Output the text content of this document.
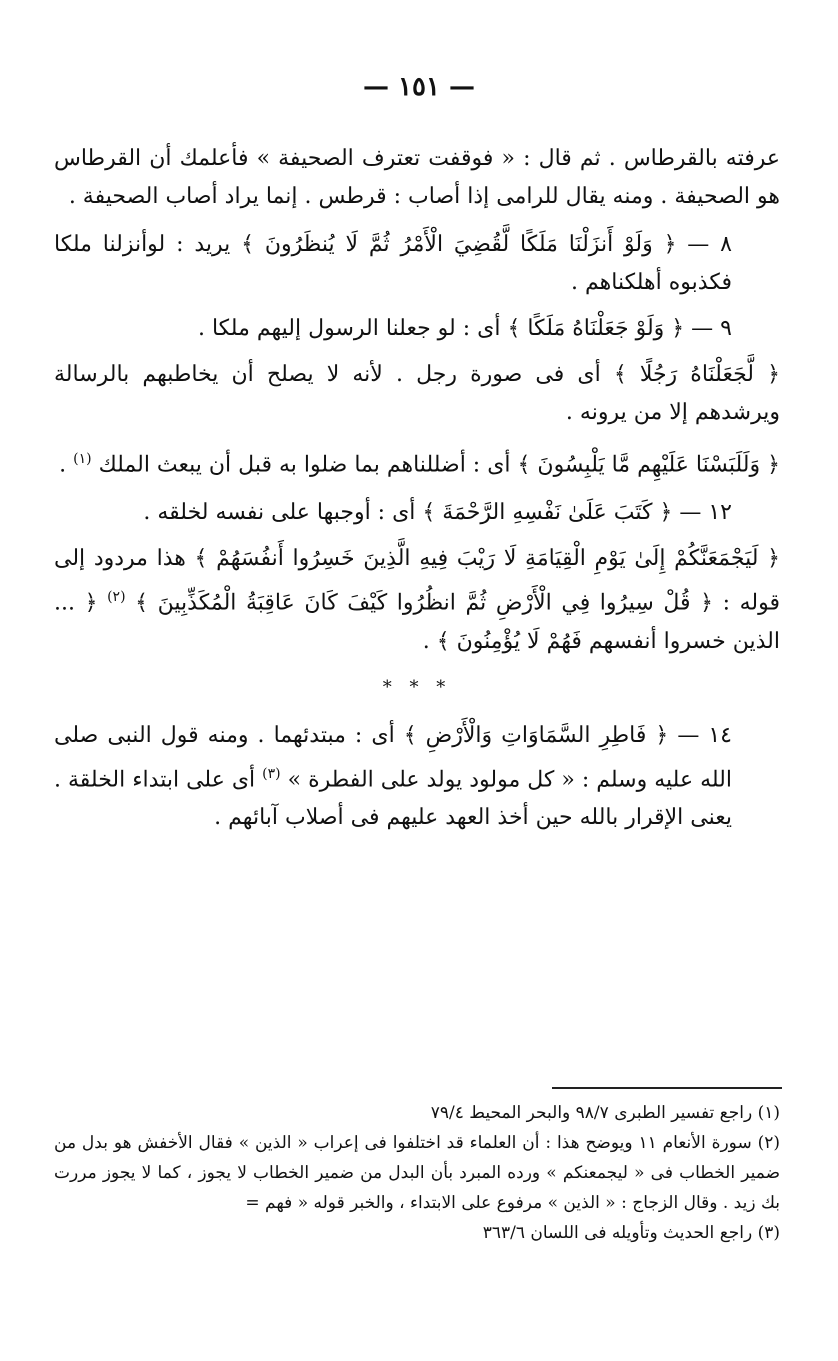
— ١٥١ —

عرفته بالقرطاس . ثم قال : « فوقفت تعترف الصحيفة » فأعلمك أن القرطاس هو الصحيفة . ومنه يقال للرامى إذا أصاب : قرطس . إنما يراد أصاب الصحيفة .

٨ — ﴿ وَلَوْ أَنزَلْنَا مَلَكًا لَّقُضِيَ الْأَمْرُ ثُمَّ لَا يُنظَرُونَ ﴾ يريد : لوأنزلنا ملكا فكذبوه أهلكناهم .

٩ — ﴿ وَلَوْ جَعَلْنَاهُ مَلَكًا ﴾ أى : لو جعلنا الرسول إليهم ملكا .

﴿ لَّجَعَلْنَاهُ رَجُلًا ﴾ أى فى صورة رجل . لأنه لا يصلح أن يخاطبهم بالرسالة ويرشدهم إلا من يرونه .

﴿ وَلَلَبَسْنَا عَلَيْهِم مَّا يَلْبِسُونَ ﴾ أى : أضللناهم بما ضلوا به قبل أن يبعث الملك $^{(١)}$ .

١٢ — ﴿ كَتَبَ عَلَىٰ نَفْسِهِ الرَّحْمَةَ ﴾ أى : أوجبها على نفسه لخلقه .

﴿ لَيَجْمَعَنَّكُمْ إِلَىٰ يَوْمِ الْقِيَامَةِ لَا رَيْبَ فِيهِ الَّذِينَ خَسِرُوا أَنفُسَهُمْ ﴾ هذا مردود إلى قوله : ﴿ قُلْ سِيرُوا فِي الْأَرْضِ ثُمَّ انظُرُوا كَيْفَ كَانَ عَاقِبَةُ الْمُكَذِّبِينَ ﴾ $^{(٢)}$ ﴿ ... الذين خسروا أنفسهم فَهُمْ لَا يُؤْمِنُونَ ﴾ .

* * *

١٤ — ﴿ فَاطِرِ السَّمَاوَاتِ وَالْأَرْضِ ﴾ أى : مبتدئهما . ومنه قول النبى صلى الله عليه وسلم : « كل مولود يولد على الفطرة » $^{(٣)}$ أى على ابتداء الخلقة . يعنى الإقرار بالله حين أخذ العهد عليهم فى أصلاب آبائهم .

(١) راجع تفسير الطبرى ٩٨/٧ والبحر المحيط ٧٩/٤

(٢) سورة الأنعام ١١ ويوضح هذا : أن العلماء قد اختلفوا فى إعراب « الذين » فقال الأخفش هو بدل من ضمير الخطاب فى « ليجمعنكم » ورده المبرد بأن البدل من ضمير الخطاب لا يجوز ، كما لا يجوز مررت بك زيد . وقال الزجاج : « الذين » مرفوع على الابتداء ، والخبر قوله « فهم =

(٣) راجع الحديث وتأويله فى اللسان ٣٦٣/٦
